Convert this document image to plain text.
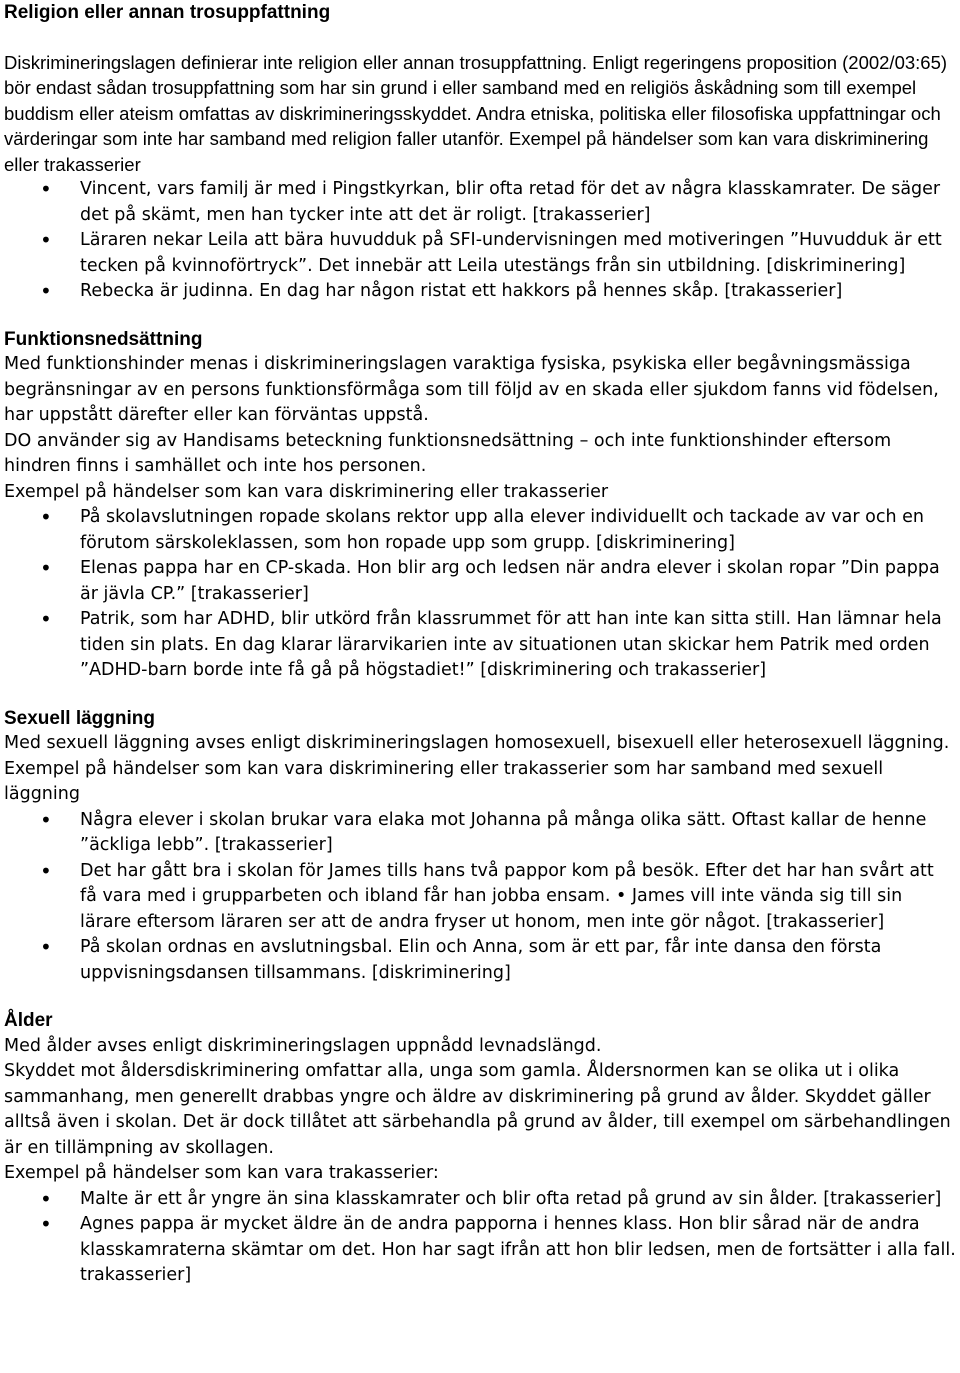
Religion eller annan trosuppfattning

Diskrimineringslagen definierar inte religion eller annan trosuppfattning. Enligt regeringens proposition (2002/03:65) bör endast sådan trosuppfattning som har sin grund i eller samband med en religiös åskådning som till exempel buddism eller ateism omfattas av diskrimineringsskyddet. Andra etniska, politiska eller filosofiska uppfattningar och värderingar som inte har samband med religion faller utanför. Exempel på händelser som kan vara diskriminering eller trakasserier

• Vincent, vars familj är med i Pingstkyrkan, blir ofta retad för det av några klasskamrater. De säger det på skämt, men han tycker inte att det är roligt. [trakasserier]
• Läraren nekar Leila att bära huvudduk på SFI-undervisningen med motiveringen ”Huvudduk är ett tecken på kvinnoförtryck”. Det innebär att Leila utestängs från sin utbildning. [diskriminering]
• Rebecka är judinna. En dag har någon ristat ett hakkors på hennes skåp. [trakasserier]
Funktionsnedsättning

Med funktionshinder menas i diskrimineringslagen varaktiga fysiska, psykiska eller begåvningsmässiga begränsningar av en persons funktionsförmåga som till följd av en skada eller sjukdom fanns vid födelsen, har uppstått därefter eller kan förväntas uppstå.

DO använder sig av Handisams beteckning funktionsnedsättning – och inte funktionshinder eftersom hindren finns i samhället och inte hos personen.

Exempel på händelser som kan vara diskriminering eller trakasserier

• På skolavslutningen ropade skolans rektor upp alla elever individuellt och tackade av var och en förutom särskoleklassen, som hon ropade upp som grupp. [diskriminering]
• Elenas pappa har en CP-skada. Hon blir arg och ledsen när andra elever i skolan ropar ”Din pappa är jävla CP.” [trakasserier]
• Patrik, som har ADHD, blir utkörd från klassrummet för att han inte kan sitta still. Han lämnar hela tiden sin plats. En dag klarar lärarvikarien inte av situationen utan skickar hem Patrik med orden ”ADHD-barn borde inte få gå på högstadiet!” [diskriminering och trakasserier]
Sexuell läggning

Med sexuell läggning avses enligt diskrimineringslagen homosexuell, bisexuell eller heterosexuell läggning. Exempel på händelser som kan vara diskriminering eller trakasserier som har samband med sexuell läggning

• Några elever i skolan brukar vara elaka mot Johanna på många olika sätt. Oftast kallar de henne ”äckliga lebb”. [trakasserier]
• Det har gått bra i skolan för James tills hans två pappor kom på besök. Efter det har han svårt att få vara med i grupparbeten och ibland får han jobba ensam. • James vill inte vända sig till sin lärare eftersom läraren ser att de andra fryser ut honom, men inte gör något. [trakasserier]
• På skolan ordnas en avslutningsbal. Elin och Anna, som är ett par, får inte dansa den första uppvisningsdansen tillsammans. [diskriminering]
Ålder

Med ålder avses enligt diskrimineringslagen uppnådd levnadslängd.

Skyddet mot åldersdiskriminering omfattar alla, unga som gamla. Åldersnormen kan se olika ut i olika sammanhang, men generellt drabbas yngre och äldre av diskriminering på grund av ålder. Skyddet gäller alltså även i skolan. Det är dock tillåtet att särbehandla på grund av ålder, till exempel om särbehandlingen är en tillämpning av skollagen.

Exempel på händelser som kan vara trakasserier:

• Malte är ett år yngre än sina klasskamrater och blir ofta retad på grund av sin ålder. [trakasserier]
• Agnes pappa är mycket äldre än de andra papporna i hennes klass. Hon blir sårad när de andra klasskamraterna skämtar om det. Hon har sagt ifrån att hon blir ledsen, men de fortsätter i alla fall. trakasserier]
